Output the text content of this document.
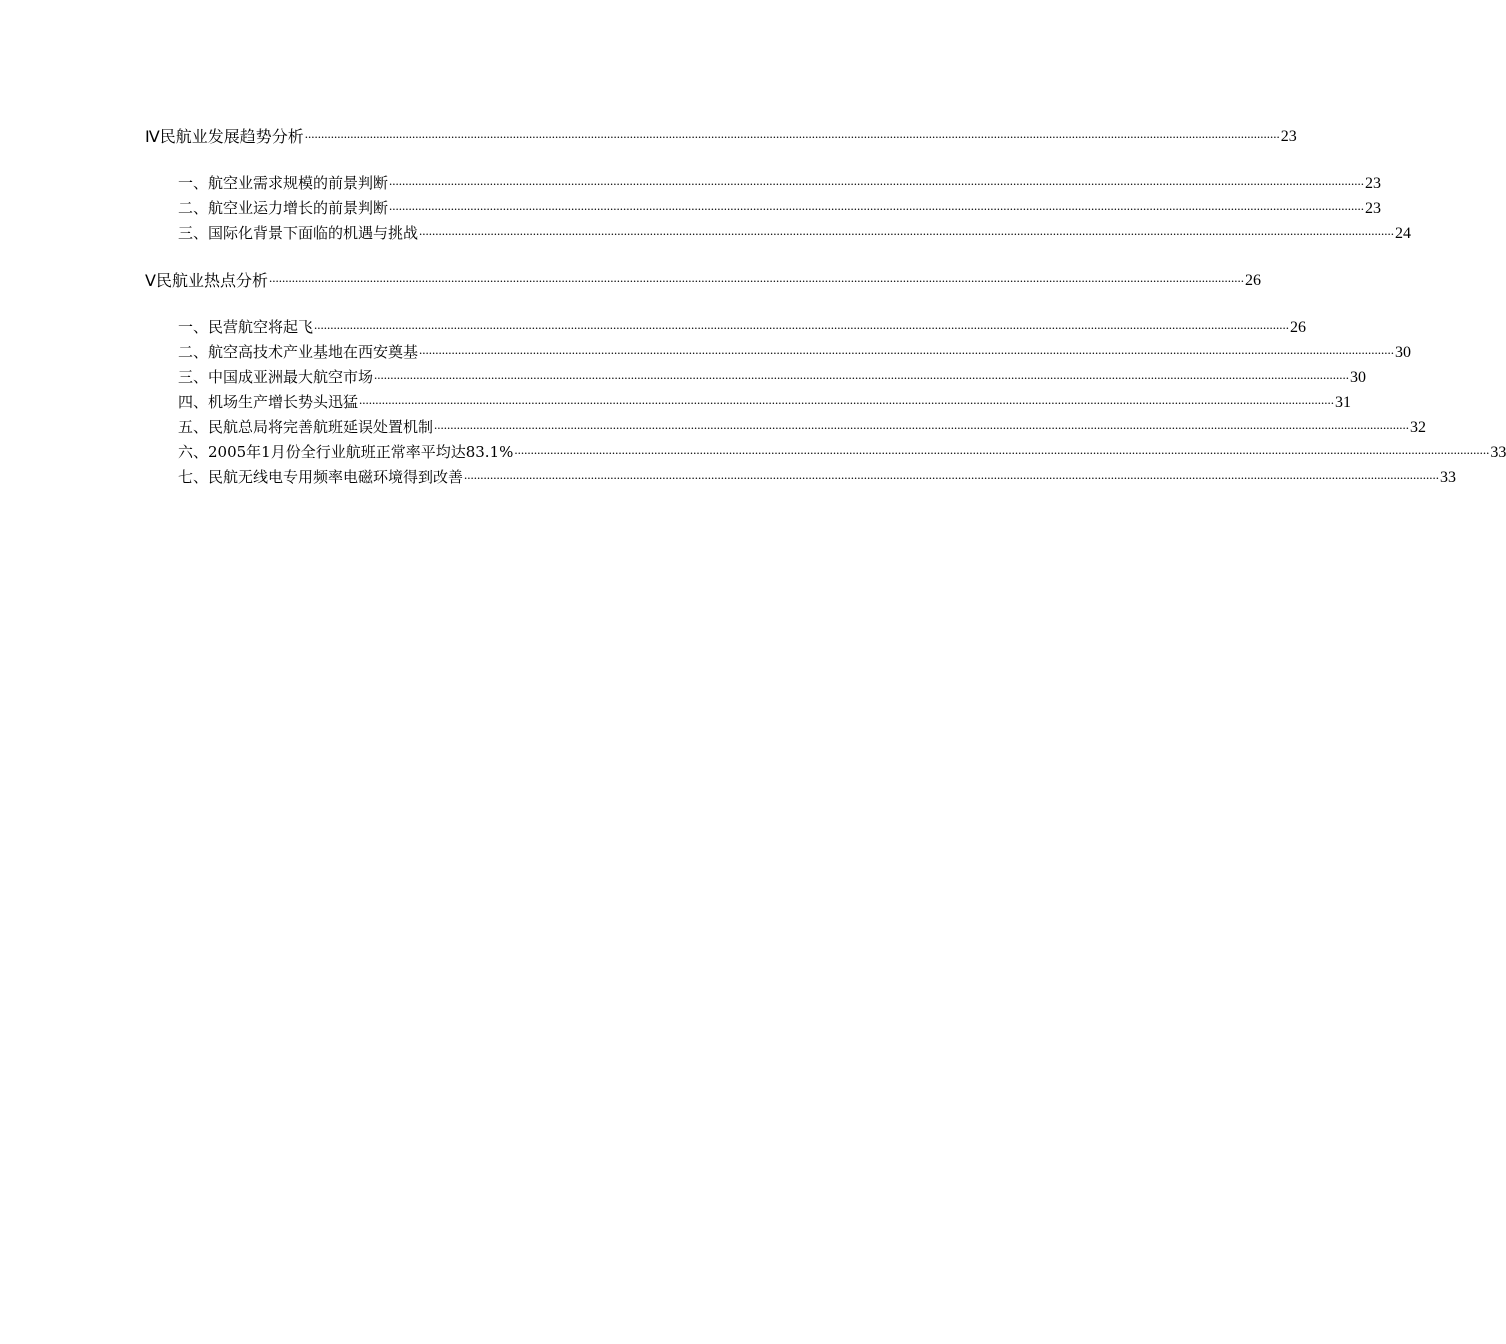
Ⅳ民航业发展趋势分析 ............................................................................................................................................................................................................................................................................................................ 23
一、航空业需求规模的前景判断 ............................................................................................................................................................................................................................................................................................................ 23
二、航空业运力增长的前景判断 ............................................................................................................................................................................................................................................................................................................ 23
三、国际化背景下面临的机遇与挑战 ............................................................................................................................................................................................................................................................................................................ 24
Ⅴ民航业热点分析 ............................................................................................................................................................................................................................................................................................................ 26
一、民营航空将起飞 ............................................................................................................................................................................................................................................................................................................ 26
二、航空高技术产业基地在西安奠基 ............................................................................................................................................................................................................................................................................................................ 30
三、中国成亚洲最大航空市场 ............................................................................................................................................................................................................................................................................................................ 30
四、机场生产增长势头迅猛 ............................................................................................................................................................................................................................................................................................................ 31
五、民航总局将完善航班延误处置机制 ............................................................................................................................................................................................................................................................................................................ 32
六、2005年1月份全行业航班正常率平均达83.1% ............................................................................................................................................................................................................................................................................................................ 33
七、民航无线电专用频率电磁环境得到改善 ............................................................................................................................................................................................................................................................................................................ 33
